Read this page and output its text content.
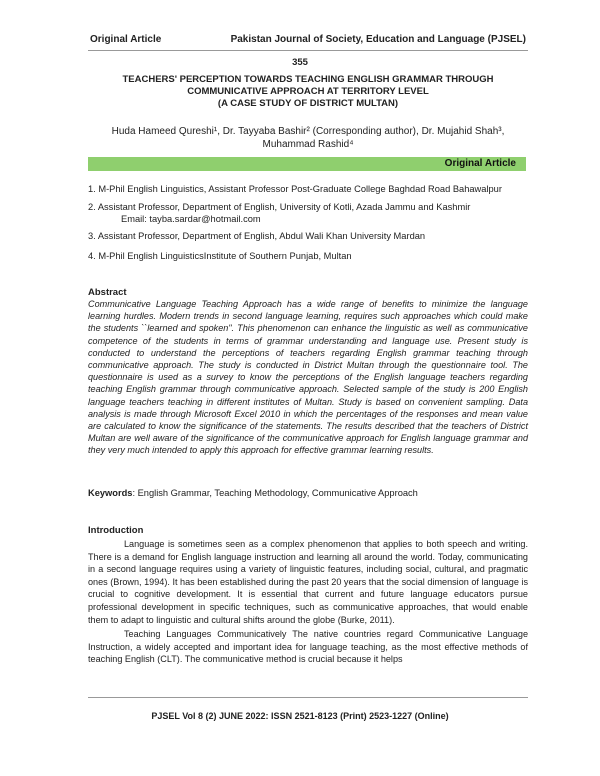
Original Article	Pakistan Journal of Society, Education and Language (PJSEL)
355
TEACHERS' PERCEPTION TOWARDS TEACHING ENGLISH GRAMMAR THROUGH
COMMUNICATIVE APPROACH AT TERRITORY LEVEL
(A CASE STUDY OF DISTRICT MULTAN)
Huda Hameed Qureshi¹, Dr. Tayyaba Bashir² (Corresponding author), Dr. Mujahid Shah³,
Muhammad Rashid⁴
Original Article
1. M-Phil English Linguistics, Assistant Professor Post-Graduate College Baghdad Road Bahawalpur
2. Assistant Professor, Department of English, University of Kotli, Azada Jammu and Kashmir
Email: tayba.sardar@hotmail.com
3. Assistant Professor, Department of English, Abdul Wali Khan University Mardan
4. M-Phil English LinguisticsInstitute of Southern Punjab, Multan
Abstract
Communicative Language Teaching Approach has a wide range of benefits to minimize the language learning hurdles. Modern trends in second language learning, requires such approaches which could make the students ``learned and spoken". This phenomenon can enhance the linguistic as well as communicative competence of the students in terms of grammar understanding and language use. Present study is conducted to understand the perceptions of teachers regarding English grammar teaching through communicative approach. The study is conducted in District Multan through the questionnaire tool. The questionnaire is used as a survey to know the perceptions of the English language teachers regarding teaching English grammar through communicative approach. Selected sample of the study is 200 English language teachers teaching in different institutes of Multan. Study is based on convenient sampling. Data analysis is made through Microsoft Excel 2010 in which the percentages of the responses and mean value are calculated to know the significance of the statements. The results described that the teachers of District Multan are well aware of the significance of the communicative approach for English language grammar and they very much intended to apply this approach for effective grammar learning results.
Keywords: English Grammar, Teaching Methodology, Communicative Approach
Introduction

Language is sometimes seen as a complex phenomenon that applies to both speech and writing. There is a demand for English language instruction and learning all around the world. Today, communicating in a second language requires using a variety of linguistic features, including social, cultural, and pragmatic ones (Brown, 1994). It has been established during the past 20 years that the social dimension of language is crucial to cognitive development. It is essential that current and future language educators pursue professional development in specific techniques, such as communicative approaches, that would enable them to adapt to linguistic and cultural shifts around the globe (Burke, 2011).

Teaching Languages Communicatively The native countries regard Communicative Language Instruction, a widely accepted and important idea for language teaching, as the most effective methods of teaching English (CLT). The communicative method is crucial because it helps

PJSEL Vol 8 (2) JUNE 2022: ISSN 2521-8123 (Print) 2523-1227 (Online)
